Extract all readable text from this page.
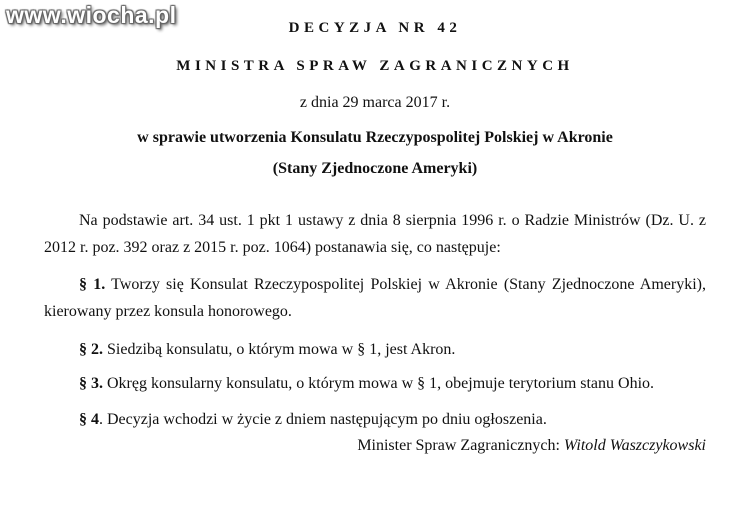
www.wiocha.pl	DECYZJA NR 42
MINISTRA SPRAW ZAGRANICZNYCH
z dnia 29 marca 2017 r.
w sprawie utworzenia Konsulatu Rzeczypospolitej Polskiej w Akronie
(Stany Zjednoczone Ameryki)
Na podstawie art. 34 ust. 1 pkt 1 ustawy z dnia 8 sierpnia 1996 r. o Radzie Ministrów (Dz. U. z 2012 r. poz. 392 oraz z 2015 r. poz. 1064) postanawia się, co następuje:
§ 1. Tworzy się Konsulat Rzeczypospolitej Polskiej w Akronie (Stany Zjednoczone Ameryki), kierowany przez konsula honorowego.
§ 2. Siedzibą konsulatu, o którym mowa w § 1, jest Akron.
§ 3. Okręg konsularny konsulatu, o którym mowa w § 1, obejmuje terytorium stanu Ohio.
§ 4. Decyzja wchodzi w życie z dniem następującym po dniu ogłoszenia.
Minister Spraw Zagranicznych: Witold Waszczykowski
